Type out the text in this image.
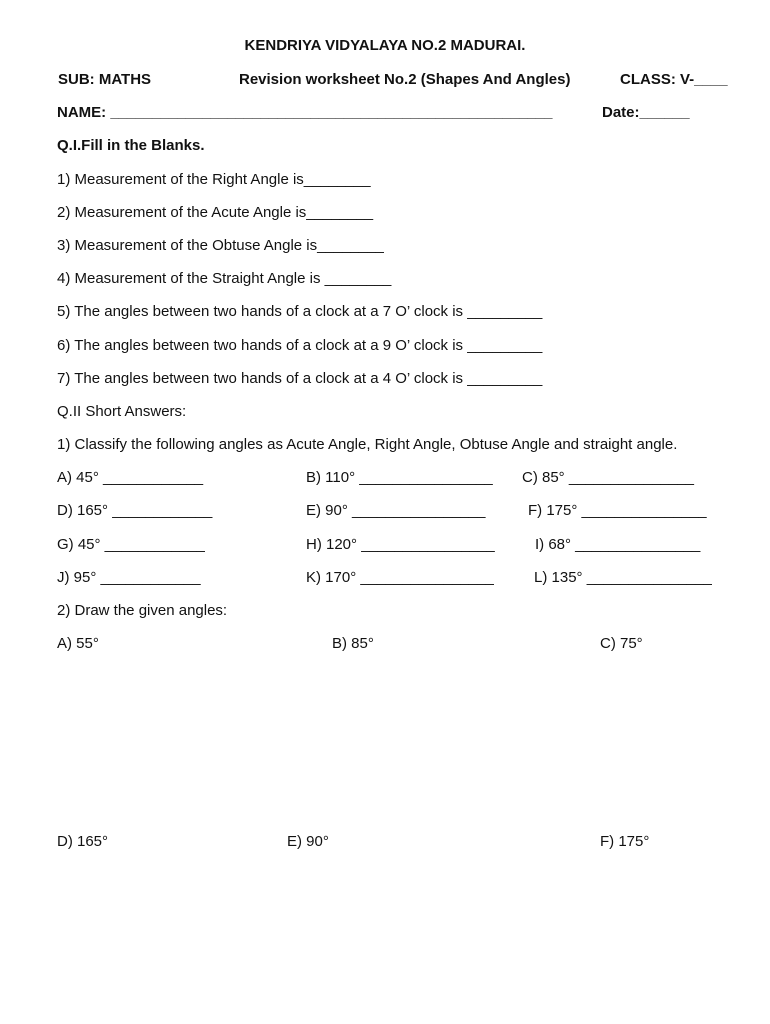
KENDRIYA VIDYALAYA NO.2 MADURAI.
SUB: MATHS	Revision worksheet No.2 (Shapes And Angles)	CLASS: V-____
NAME: _____________________________________________________	Date:______
Q.I.Fill in the Blanks.
1) Measurement of the Right Angle is________
2) Measurement of the Acute Angle is________
3) Measurement of the Obtuse Angle is________
4) Measurement of the Straight Angle is ________
5) The angles between two hands of a clock at a 7 O’ clock is _________
6) The angles between two hands of a clock at a 9 O’ clock is _________
7) The angles between two hands of a clock at a 4 O’ clock is _________
Q.II Short Answers:
1) Classify the following angles as Acute Angle, Right Angle, Obtuse Angle and straight angle.
A) 45° ____________	B) 110° ________________ C) 85° _______________
D) 165° ____________	E) 90° ________________	F) 175° _______________
G) 45° ____________	H) 120° ________________	I) 68° _______________
J) 95° ____________	K) 170° ________________	L) 135° _______________
2) Draw the given angles:
A) 55°	B) 85°	C) 75°
D) 165°	E) 90°	F) 175°
